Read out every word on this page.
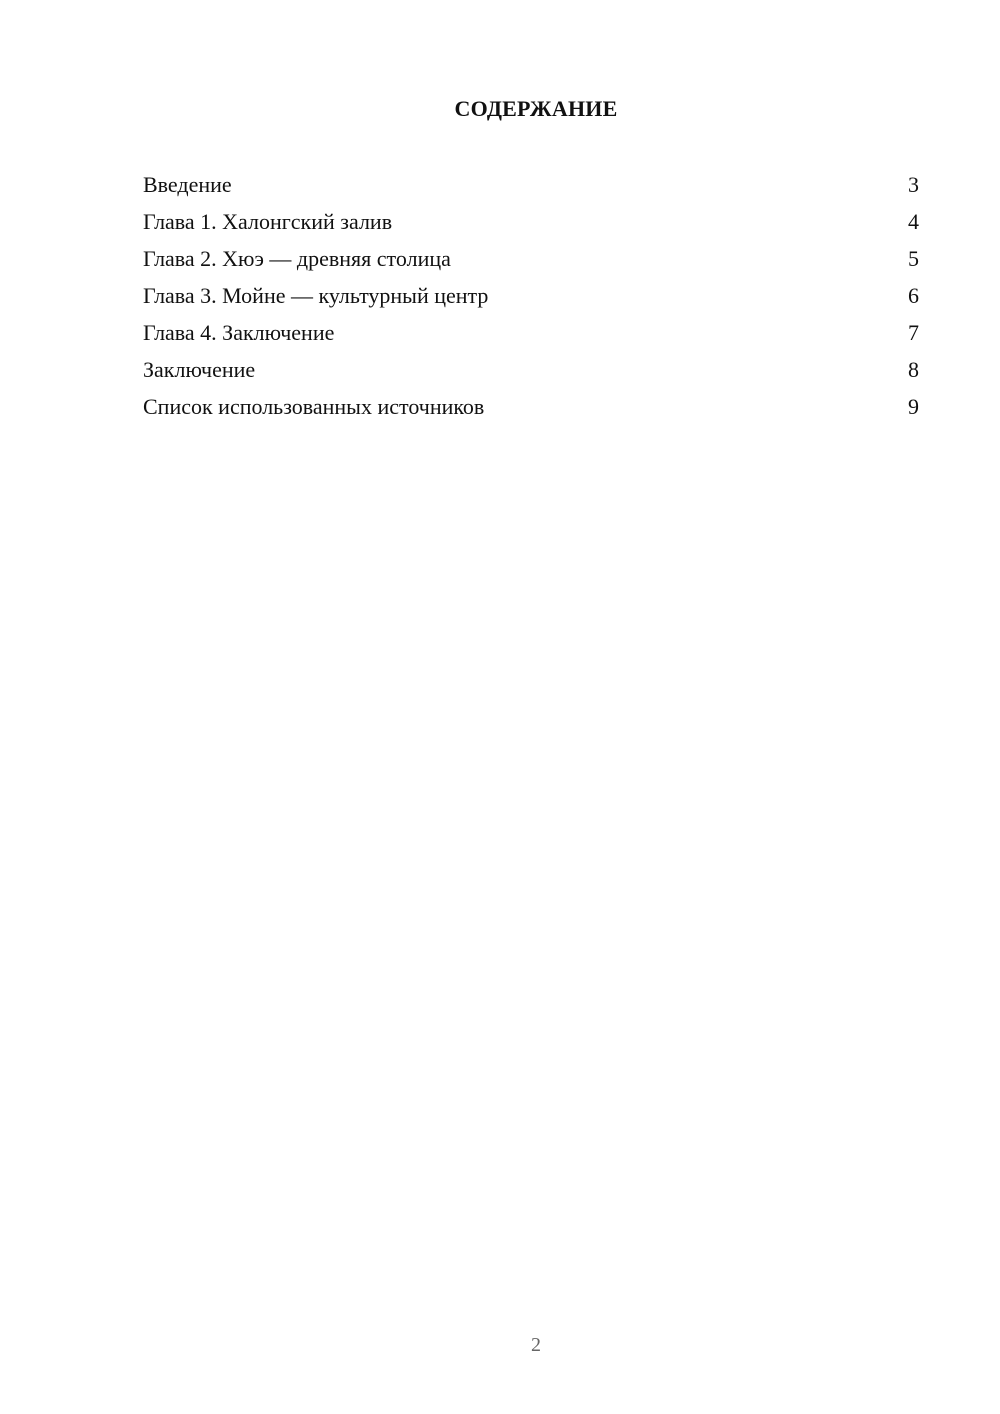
СОДЕРЖАНИЕ
Введение	3
Глава 1. Халонгский залив	4
Глава 2. Хюэ — древняя столица	5
Глава 3. Мойне — культурный центр	6
Глава 4. Заключение	7
Заключение	8
Список использованных источников	9
2
